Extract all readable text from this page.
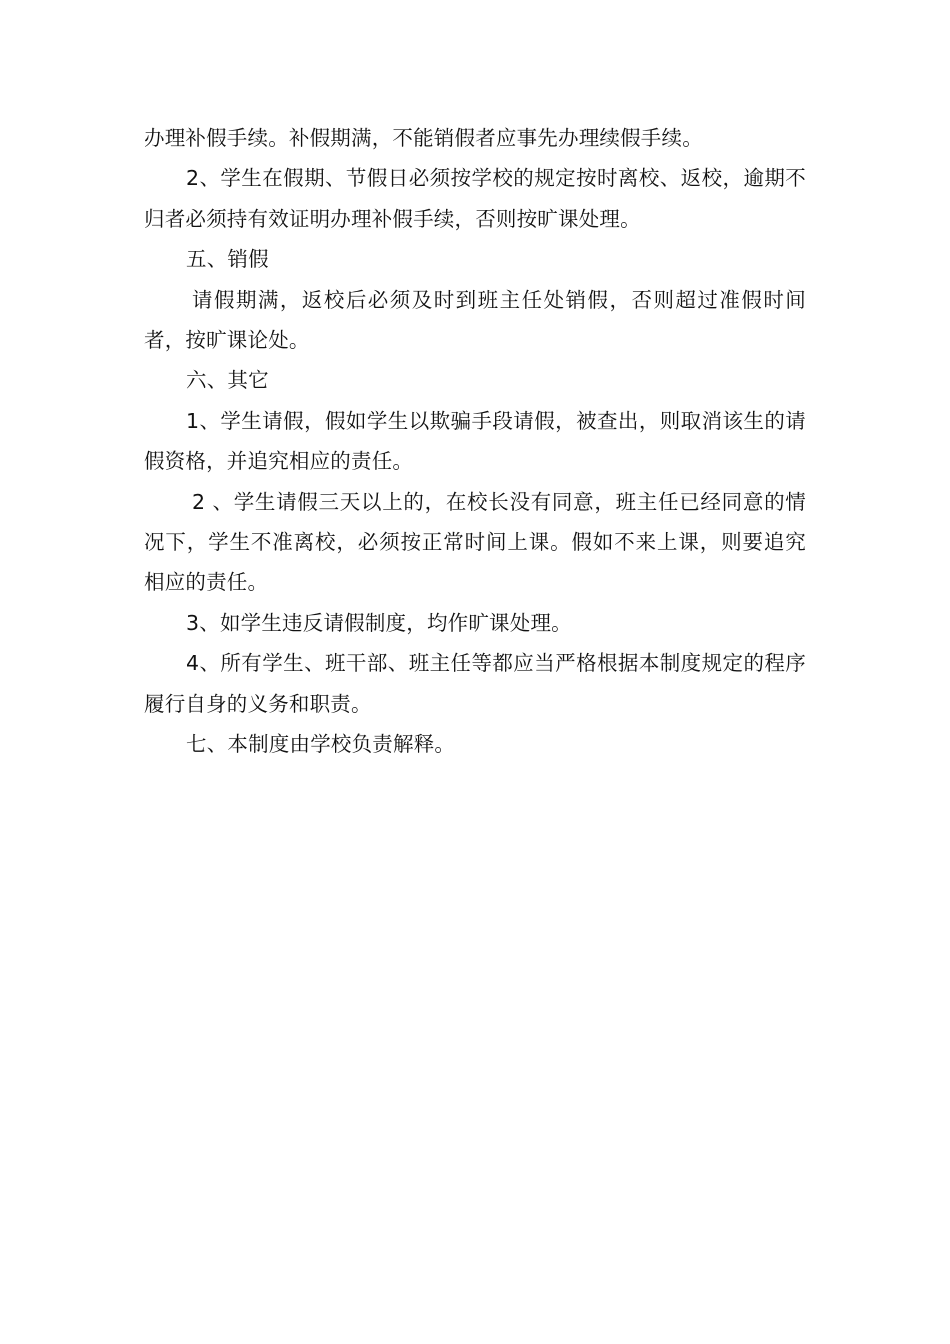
办理补假手续。补假期满，不能销假者应事先办理续假手续。

2、学生在假期、节假日必须按学校的规定按时离校、返校，逾期不归者必须持有效证明办理补假手续，否则按旷课处理。

五、销假

请假期满，返校后必须及时到班主任处销假，否则超过准假时间者，按旷课论处。

六、其它

1、学生请假，假如学生以欺骗手段请假，被查出，则取消该生的请假资格，并追究相应的责任。

2 、学生请假三天以上的，在校长没有同意，班主任已经同意的情况下，学生不准离校，必须按正常时间上课。假如不来上课，则要追究相应的责任。

3、如学生违反请假制度，均作旷课处理。

4、所有学生、班干部、班主任等都应当严格根据本制度规定的程序履行自身的义务和职责。

七、本制度由学校负责解释。
